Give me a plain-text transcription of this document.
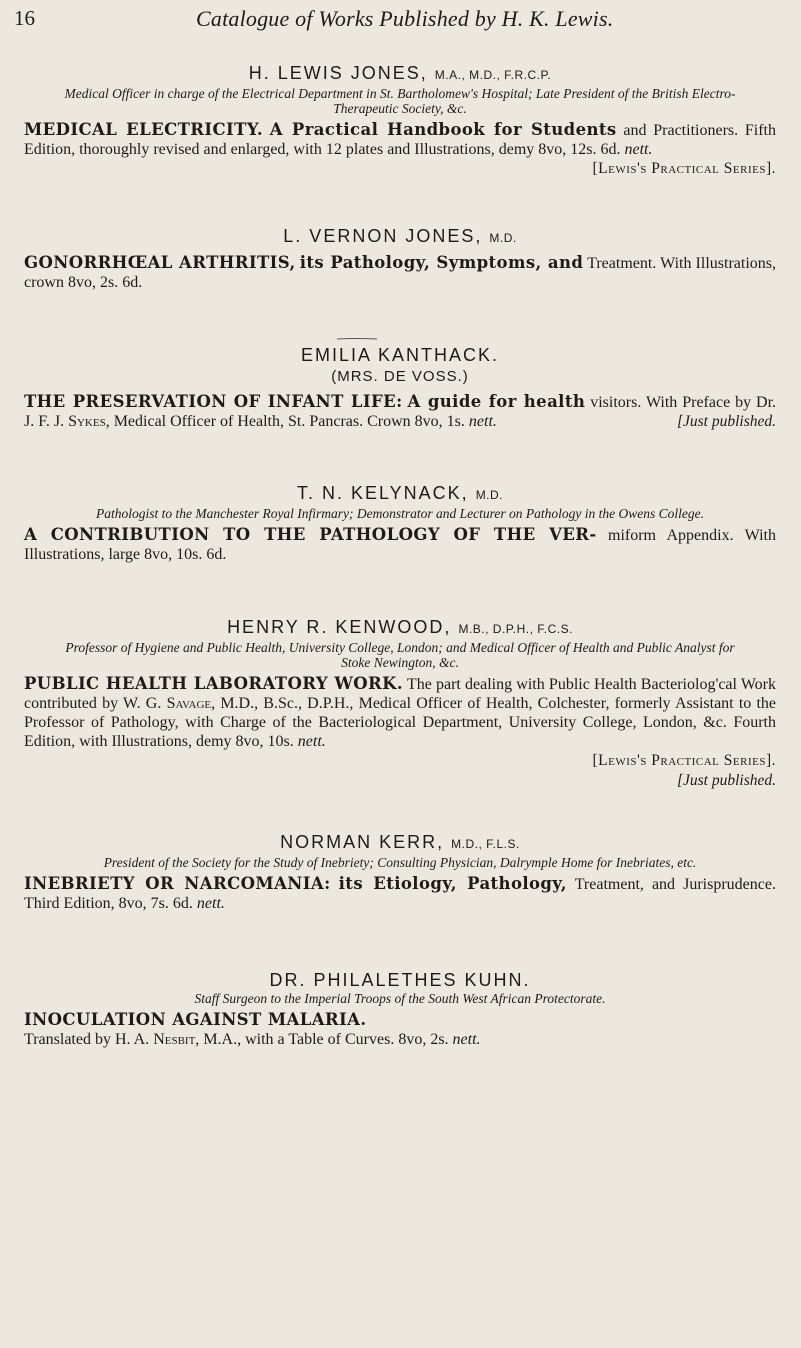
16	Catalogue of Works Published by H. K. Lewis.
H. LEWIS JONES, M.A., M.D., F.R.C.P.
Medical Officer in charge of the Electrical Department in St. Bartholomew's Hospital; Late President of the British Electro-Therapeutic Society, &c.
MEDICAL ELECTRICITY. A Practical Handbook for Students and Practitioners. Fifth Edition, thoroughly revised and enlarged, with 12 plates and Illustrations, demy 8vo, 12s. 6d. nett.
[Lewis's Practical Series].
L. VERNON JONES, M.D.
GONORRHŒAL ARTHRITIS, its Pathology, Symptoms, and Treatment. With Illustrations, crown 8vo, 2s. 6d.
EMILIA KANTHACK.
(MRS. DE VOSS.)
THE PRESERVATION OF INFANT LIFE: A guide for health visitors. With Preface by Dr. J. F. J. Sykes, Medical Officer of Health, St. Pancras. Crown 8vo, 1s. nett.	[Just published.
T. N. KELYNACK, M.D.
Pathologist to the Manchester Royal Infirmary; Demonstrator and Lecturer on Pathology in the Owens College.
A CONTRIBUTION TO THE PATHOLOGY OF THE VER- miform Appendix. With Illustrations, large 8vo, 10s. 6d.
HENRY R. KENWOOD, M.B., D.P.H., F.C.S.
Professor of Hygiene and Public Health, University College, London; and Medical Officer of Health and Public Analyst for Stoke Newington, &c.
PUBLIC HEALTH LABORATORY WORK. The part dealing with Public Health Bacteriolog'cal Work contributed by W. G. Savage, M.D., B.Sc., D.P.H., Medical Officer of Health, Colchester, formerly Assistant to the Professor of Pathology, with Charge of the Bacteriological Department, University College, London, &c. Fourth Edition, with Illustrations, demy 8vo, 10s. nett.
[Lewis's Practical Series].
[Just published.
NORMAN KERR, M.D., F.L.S.
President of the Society for the Study of Inebriety; Consulting Physician, Dalrymple Home for Inebriates, etc.
INEBRIETY OR NARCOMANIA: its Etiology, Pathology, Treatment, and Jurisprudence. Third Edition, 8vo, 7s. 6d. nett.
DR. PHILALETHES KUHN.
Staff Surgeon to the Imperial Troops of the South West African Protectorate.
INOCULATION AGAINST MALARIA.
Translated by H. A. Nesbit, M.A., with a Table of Curves. 8vo, 2s. nett.
